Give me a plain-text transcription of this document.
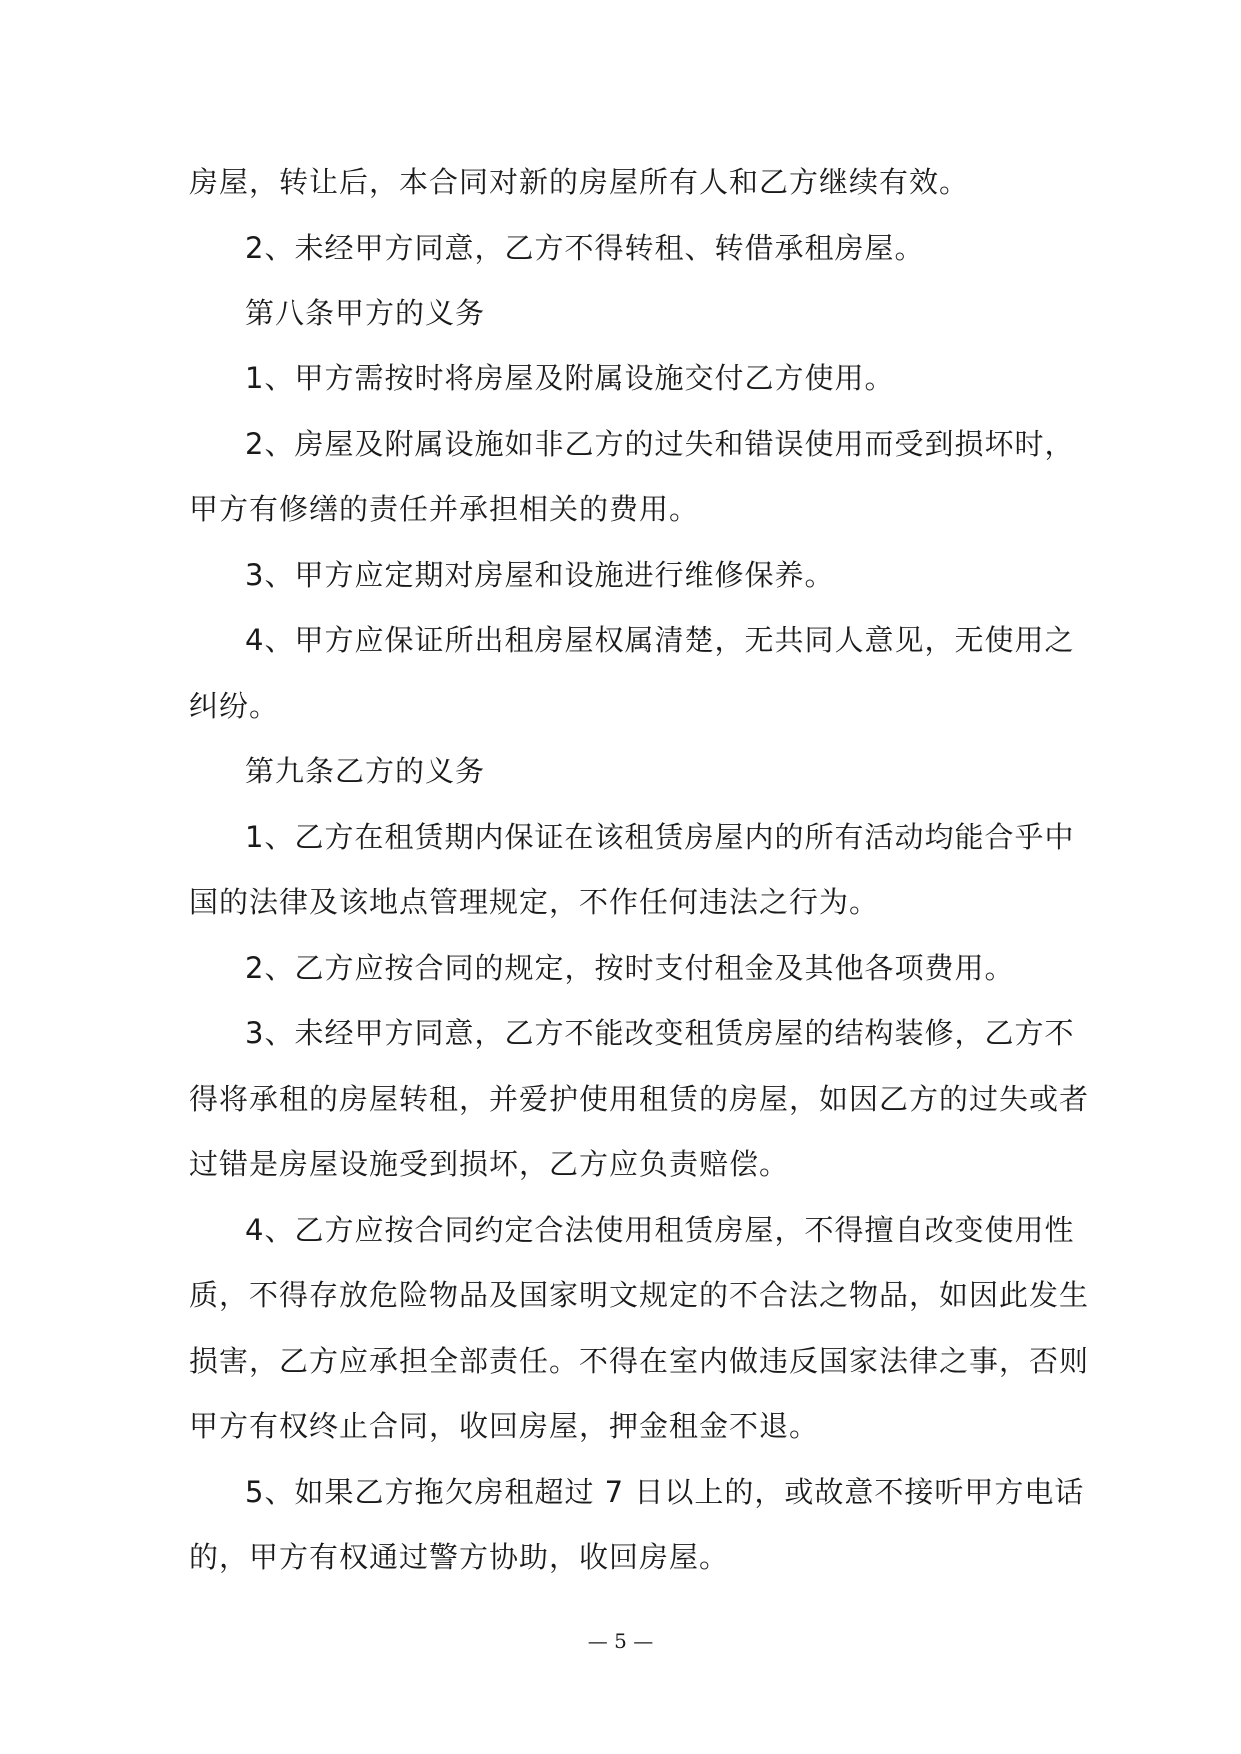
房屋，转让后，本合同对新的房屋所有人和乙方继续有效。
2、未经甲方同意，乙方不得转租、转借承租房屋。
第八条甲方的义务
1、甲方需按时将房屋及附属设施交付乙方使用。
2、房屋及附属设施如非乙方的过失和错误使用而受到损坏时，
甲方有修缮的责任并承担相关的费用。
3、甲方应定期对房屋和设施进行维修保养。
4、甲方应保证所出租房屋权属清楚，无共同人意见，无使用之
纠纷。
第九条乙方的义务
1、乙方在租赁期内保证在该租赁房屋内的所有活动均能合乎中
国的法律及该地点管理规定，不作任何违法之行为。
2、乙方应按合同的规定，按时支付租金及其他各项费用。
3、未经甲方同意，乙方不能改变租赁房屋的结构装修，乙方不
得将承租的房屋转租，并爱护使用租赁的房屋，如因乙方的过失或者
过错是房屋设施受到损坏，乙方应负责赔偿。
4、乙方应按合同约定合法使用租赁房屋，不得擅自改变使用性
质，不得存放危险物品及国家明文规定的不合法之物品，如因此发生
损害，乙方应承担全部责任。不得在室内做违反国家法律之事，否则
甲方有权终止合同，收回房屋，押金租金不退。
5、如果乙方拖欠房租超过 7 日以上的，或故意不接听甲方电话
的，甲方有权通过警方协助，收回房屋。
— 5 —
